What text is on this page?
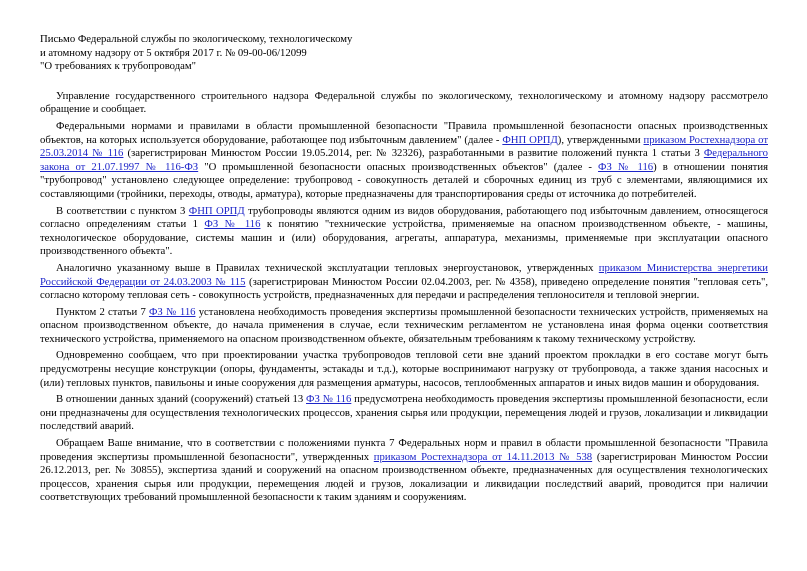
Письмо Федеральной службы по экологическому, технологическому
и атомному надзору от 5 октября 2017 г. № 09-00-06/12099
"О требованиях к трубопроводам"

Управление государственного строительного надзора Федеральной службы по экологическому, технологическому и атомному надзору рассмотрело обращение и сообщает.

Федеральными нормами и правилами в области промышленной безопасности "Правила промышленной безопасности опасных производственных объектов, на которых используется оборудование, работающее под избыточным давлением" (далее - ФНП ОРПД), утвержденными приказом Ростехнадзора от 25.03.2014 № 116 (зарегистрирован Минюстом России 19.05.2014, рег. № 32326), разработанными в развитие положений пункта 1 статьи 3 Федерального закона от 21.07.1997 № 116-ФЗ "О промышленной безопасности опасных производственных объектов" (далее - ФЗ № 116) в отношении понятия "трубопровод" установлено следующее определение: трубопровод - совокупность деталей и сборочных единиц из труб с элементами, являющимися их составляющими (тройники, переходы, отводы, арматура), которые предназначены для транспортирования среды от источника до потребителей.

В соответствии с пунктом 3 ФНП ОРПД трубопроводы являются одним из видов оборудования, работающего под избыточным давлением, относящегося согласно определениям статьи 1 ФЗ № 116 к понятию "технические устройства, применяемые на опасном производственном объекте, - машины, технологическое оборудование, системы машин и (или) оборудования, агрегаты, аппаратура, механизмы, применяемые при эксплуатации опасного производственного объекта".

Аналогично указанному выше в Правилах технической эксплуатации тепловых энергоустановок, утвержденных приказом Министерства энергетики Российской Федерации от 24.03.2003 № 115 (зарегистрирован Минюстом России 02.04.2003, рег. № 4358), приведено определение понятия "тепловая сеть", согласно которому тепловая сеть - совокупность устройств, предназначенных для передачи и распределения теплоносителя и тепловой энергии.

Пунктом 2 статьи 7 ФЗ № 116 установлена необходимость проведения экспертизы промышленной безопасности технических устройств, применяемых на опасном производственном объекте, до начала применения в случае, если техническим регламентом не установлена иная форма оценки соответствия технического устройства, применяемого на опасном производственном объекте, обязательным требованиям к такому техническому устройству.

Одновременно сообщаем, что при проектировании участка трубопроводов тепловой сети вне зданий проектом прокладки в его составе могут быть предусмотрены несущие конструкции (опоры, фундаменты, эстакады и т.д.), которые воспринимают нагрузку от трубопровода, а также здания насосных и (или) тепловых пунктов, павильоны и иные сооружения для размещения арматуры, насосов, теплообменных аппаратов и иных видов машин и оборудования.

В отношении данных зданий (сооружений) статьей 13 ФЗ № 116 предусмотрена необходимость проведения экспертизы промышленной безопасности, если они предназначены для осуществления технологических процессов, хранения сырья или продукции, перемещения людей и грузов, локализации и ликвидации последствий аварий.

Обращаем Ваше внимание, что в соответствии с положениями пункта 7 Федеральных норм и правил в области промышленной безопасности "Правила проведения экспертизы промышленной безопасности", утвержденных приказом Ростехнадзора от 14.11.2013 № 538 (зарегистрирован Минюстом России 26.12.2013, рег. № 30855), экспертиза зданий и сооружений на опасном производственном объекте, предназначенных для осуществления технологических процессов, хранения сырья или продукции, перемещения людей и грузов, локализации и ликвидации последствий аварий, проводится при наличии соответствующих требований промышленной безопасности к таким зданиям и сооружениям.
